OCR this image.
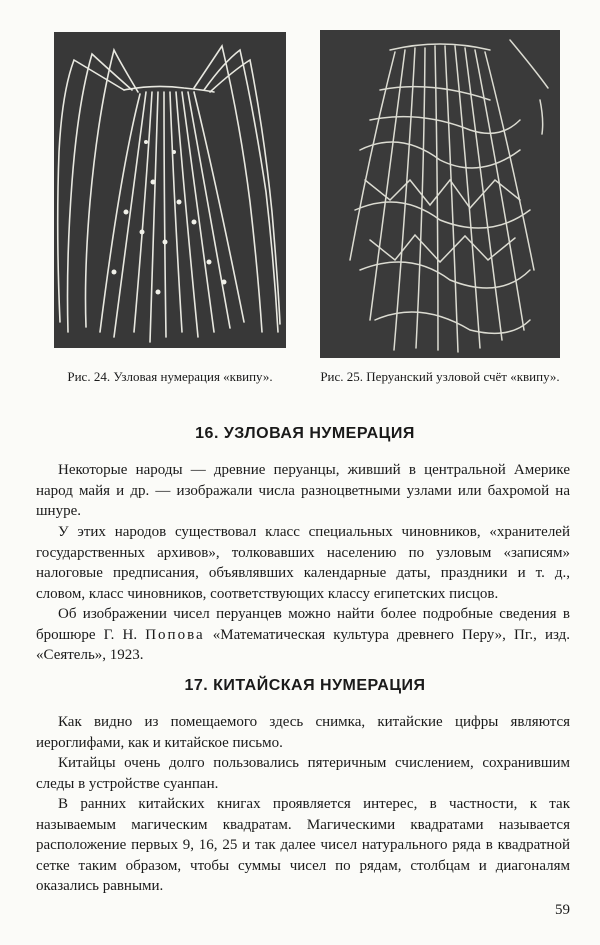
Рис. 24. Узловая нумерация «квипу».	Рис. 25. Перуанский узловой счёт «квипу».
16. УЗЛОВАЯ НУМЕРАЦИЯ

Некоторые народы — древние перуанцы, живший в центральной Америке народ майя и др. — изображали числа разноцветными узлами или бахромой на шнуре.

У этих народов существовал класс специальных чиновников, «хранителей государственных архивов», толковавших населению по узловым «записям» налоговые предписания, объявлявших календарные даты, праздники и т. д., словом, класс чиновников, соответствующих классу египетских писцов.

Об изображении чисел перуанцев можно найти более подробные сведения в брошюре Г. Н. Попова «Математическая культура древнего Перу», Пг., изд. «Сеятель», 1923.

17. КИТАЙСКАЯ НУМЕРАЦИЯ

Как видно из помещаемого здесь снимка, китайские цифры являются иероглифами, как и китайское письмо.

Китайцы очень долго пользовались пятеричным счислением, сохранившим следы в устройстве суанпан.

В ранних китайских книгах проявляется интерес, в частности, к так называемым магическим квадратам. Магическими квадратами называется расположение первых 9, 16, 25 и так далее чисел натурального ряда в квадратной сетке таким образом, чтобы суммы чисел по рядам, столбцам и диагоналям оказались равными.

59
